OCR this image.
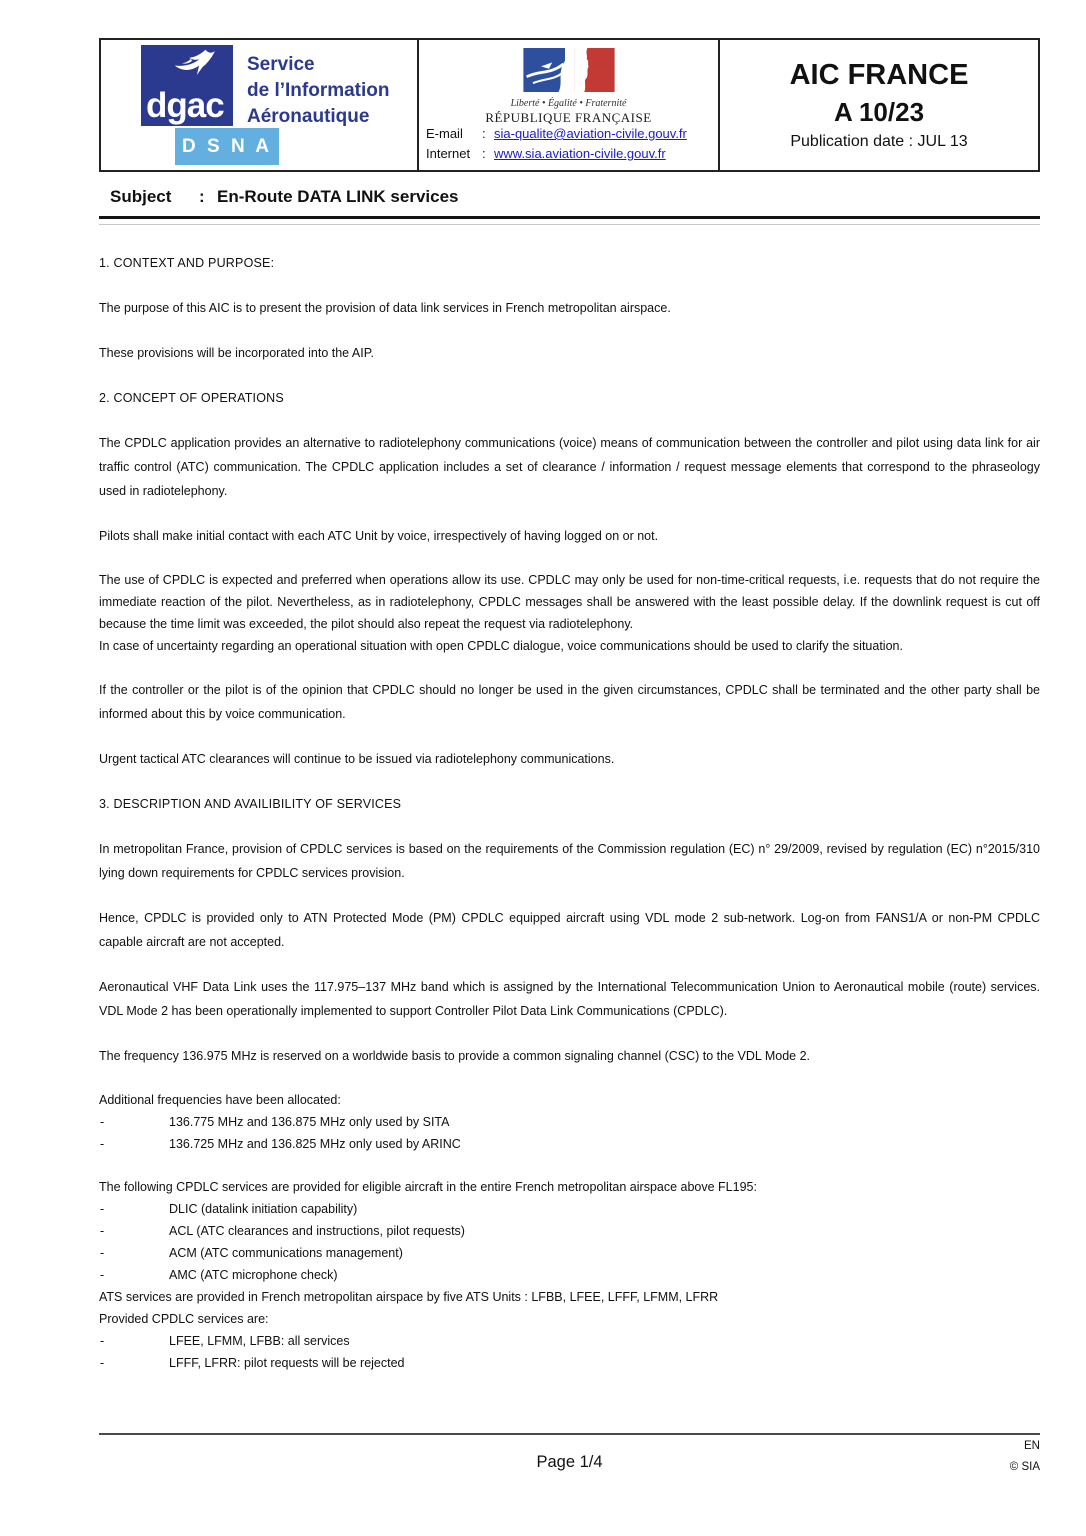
dgac
D S N A
Service
de l’Information
Aéronautique
Liberté • Égalité • Fraternité
RÉPUBLIQUE FRANÇAISE
E-mail : sia-qualite@aviation-civile.gouv.fr
Internet : www.sia.aviation-civile.gouv.fr
AIC FRANCE
A 10/23
Publication date : JUL 13
Subject	: En-Route DATA LINK services
1. CONTEXT AND PURPOSE:
The purpose of this AIC is to present the provision of data link services in French metropolitan airspace.
These provisions will be incorporated into the AIP.
2. CONCEPT OF OPERATIONS
The CPDLC application provides an alternative to radiotelephony communications (voice) means of communication between the controller and pilot using data link for air traffic control (ATC) communication. The CPDLC application includes a set of clearance / information / request message elements that correspond to the phraseology used in radiotelephony.
Pilots shall make initial contact with each ATC Unit by voice, irrespectively of having logged on or not.
The use of CPDLC is expected and preferred when operations allow its use. CPDLC may only be used for non-time-critical requests, i.e. requests that do not require the immediate reaction of the pilot. Nevertheless, as in radiotelephony, CPDLC messages shall be answered with the least possible delay. If the downlink request is cut off because the time limit was exceeded, the pilot should also repeat the request via radiotelephony.
In case of uncertainty regarding an operational situation with open CPDLC dialogue, voice communications should be used to clarify the situation.
If the controller or the pilot is of the opinion that CPDLC should no longer be used in the given circumstances, CPDLC shall be terminated and the other party shall be informed about this by voice communication.
Urgent tactical ATC clearances will continue to be issued via radiotelephony communications.
3. DESCRIPTION AND AVAILIBILITY OF SERVICES
In metropolitan France, provision of CPDLC services is based on the requirements of the Commission regulation (EC) n° 29/2009, revised by regulation (EC) n°2015/310 lying down requirements for CPDLC services provision.
Hence, CPDLC is provided only to ATN Protected Mode (PM) CPDLC equipped aircraft using VDL mode 2 sub-network. Log-on from FANS1/A or non-PM CPDLC capable aircraft are not accepted.
Aeronautical VHF Data Link uses the 117.975–137 MHz band which is assigned by the International Telecommunication Union to Aeronautical mobile (route) services. VDL Mode 2 has been operationally implemented to support Controller Pilot Data Link Communications (CPDLC).
The frequency 136.975 MHz is reserved on a worldwide basis to provide a common signaling channel (CSC) to the VDL Mode 2.
Additional frequencies have been allocated:
-	136.775 MHz and 136.875 MHz only used by SITA
-	136.725 MHz and 136.825 MHz only used by ARINC
The following CPDLC services are provided for eligible aircraft in the entire French metropolitan airspace above FL195:
-	DLIC (datalink initiation capability)
-	ACL (ATC clearances and instructions, pilot requests)
-	ACM (ATC communications management)
-	AMC (ATC microphone check)
ATS services are provided in French metropolitan airspace by five ATS Units : LFBB, LFEE, LFFF, LFMM, LFRR
Provided CPDLC services are:
-	LFEE, LFMM, LFBB: all services
-	LFFF, LFRR: pilot requests will be rejected
EN
Page 1/4	© SIA
